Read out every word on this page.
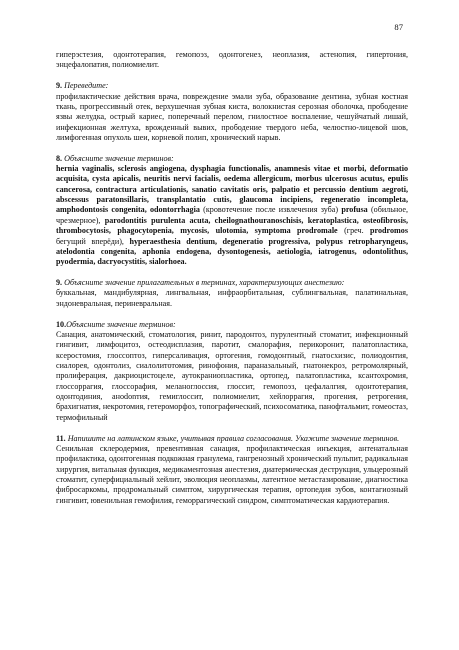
87

гиперэстезия, одонтотерапия, гемопоэз, одонтогенез, неоплазия, астенопия, гипертония, энцефалопатия, полиомиелит.

9. Переведите:

профилактические действия врача, повреждение эмали зуба, образование дентина, зубная костная ткань, прогрессивный отек, верхушечная зубная киста, волокнистая серозная оболочка, прободение язвы желудка, острый кариес, поперечный перелом, гнилостное воспаление, чешуйчатый лишай, инфекционная желтуха, врожденный вывих, прободение твердого неба, челюстно-лицевой шов, лимфогенная опухоль шеи, корневой полип, хронический нарыв.

8. Объясните значение терминов:

hernia vaginalis, sclerosis angiogena, dysphagia functionalis, anamnesis vitae et morbi, deformatio acquisita, cysta apicalis, neuritis nervi facialis, oedema allergicum, morbus ulcerosus acutus, epulis cancerosa, contractura articulationis, sanatio cavitatis oris, palpatio et percussio dentium aegroti, abscessus paratonsillaris, transplantatio cutis, glaucoma incipiens, regeneratio incompleta, amphodontosis congenita, odontorrhagia (кровотечение после извлечения зуба) profusa (обильное, чрезмерное), parodontitis purulenta acuta, cheilognathouranoschisis, keratoplastica, osteofibrosis, thrombocytosis, phagocytopenia, mycosis, ulotomia, symptoma prodromale (греч. prodromos бегущий вперёди), hyperaesthesia dentium, degeneratio progressiva, polypus retropharyngeus, atelodontia congenita, aphonia endogena, dysontogenesis, aetiologia, iatrogenus, odontolithus, pyodermia, dacryocystitis, sialorhoea.

9. Объясните значение прилагательных в терминах, характеризующих анестезию:

буккальная, мандибулярная, лингвальная, инфраорбитальная, сублингвальная, палатинальная, эндоневральная, периневральная.

10.Объясните значение терминов:

Санация, анатомический, стоматология, ринит, пародонтоз, пурулентный стоматит, инфекционный гингивит, лимфоцитоз, остеодисплазия, паротит, смалорафия, перикоронит, палатопластика, ксеростомия, глоссоптоз, гиперсаливация, ортогения, гомодонтный, гнатосхизис, полиодонтия, сиалорея, одонтолиз, сиалолитотомия, ринофония, параназальный, гнатонекроз, ретромолярный, пролиферация, дакриоцистоцеле, аутокраниопластика, ортопед, палатопластика, ксантохромия, глоссоррагия, глоссорафия, меланоглоссия, глоссит, гемопоэз, цефалалгия, одонтотерапия, одонтодиния, аноdonтия, гемиглоссит, полиомиелит, хейлоррагия, прогения, ретрогения, брахигнатия, некротомия, гетероморфоз, топографический, психосоматика, панофтальмит, гомеостаз, термофильный

11. Напишите на латинском языке, учитывая правила согласования. Укажите значение терминов.

Сенильная склеродермия, превентивная санация, профилактическая инъекция, антенатальная профилактика, одонтогенная подкожная гранулема, гангренозный хронический пульпит, радикальная хирургия, витальная функция, медикаментозная анестезия, диатермическая деструкция, ульцерозный стоматит, суперфициальный хейлит, эволюция неоплазмы, латентное метастазирование, диагностика фибросаркомы, продромальный симптом, хирургическая терапия, ортопедия зубов, контагиозный гингивит, ювенильная гемофилия, геморрагический синдром, симптоматическая кардиотерапия.
